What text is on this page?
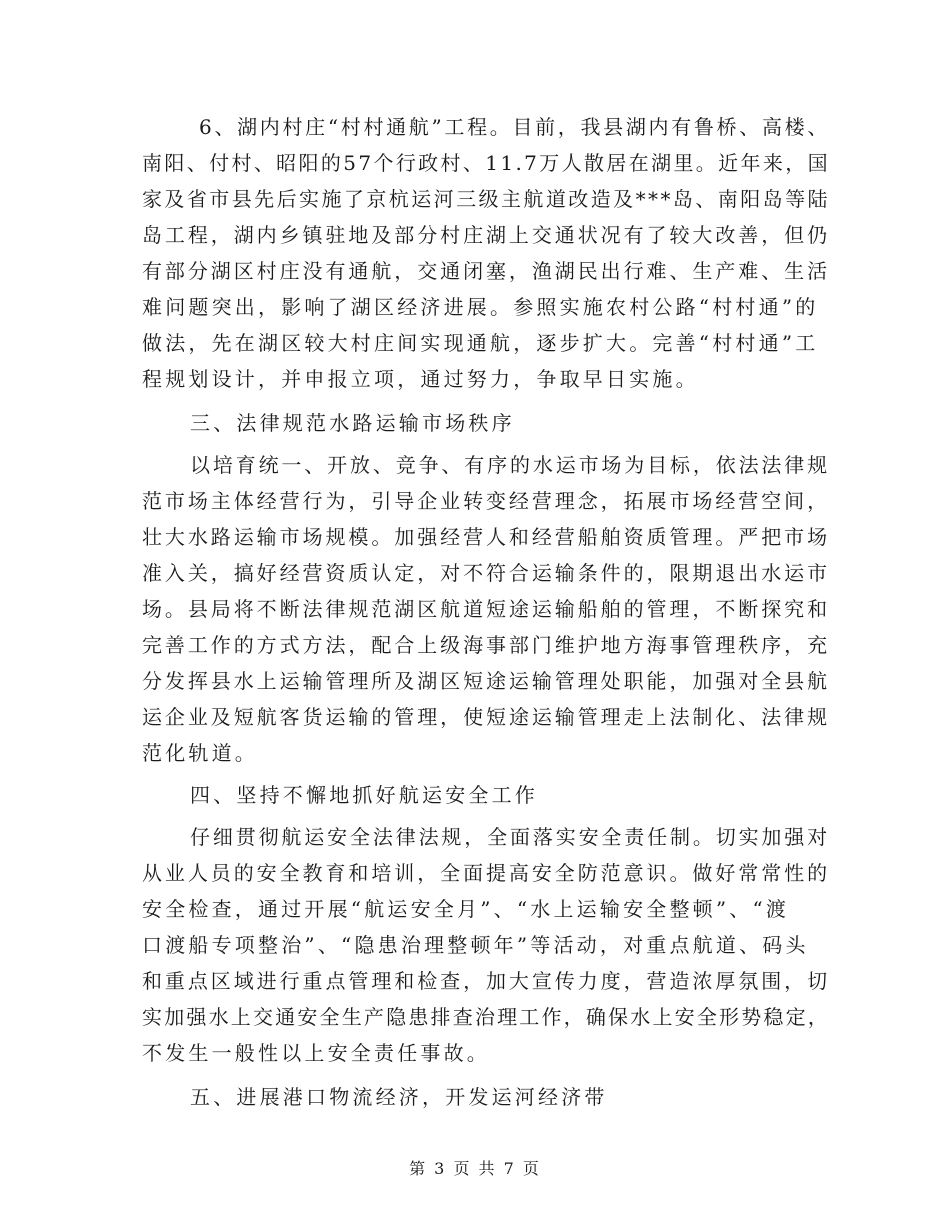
6、湖内村庄“村村通航”工程。目前，我县湖内有鲁桥、高楼、
南阳、付村、昭阳的57个行政村、11.7万人散居在湖里。近年来，国
家及省市县先后实施了京杭运河三级主航道改造及***岛、南阳岛等陆
岛工程，湖内乡镇驻地及部分村庄湖上交通状况有了较大改善，但仍
有部分湖区村庄没有通航，交通闭塞，渔湖民出行难、生产难、生活
难问题突出，影响了湖区经济进展。参照实施农村公路“村村通”的
做法，先在湖区较大村庄间实现通航，逐步扩大。完善“村村通”工
程规划设计，并申报立项，通过努力，争取早日实施。
三、法律规范水路运输市场秩序
以培育统一、开放、竞争、有序的水运市场为目标，依法法律规
范市场主体经营行为，引导企业转变经营理念，拓展市场经营空间，
壮大水路运输市场规模。加强经营人和经营船舶资质管理。严把市场
准入关，搞好经营资质认定，对不符合运输条件的，限期退出水运市
场。县局将不断法律规范湖区航道短途运输船舶的管理，不断探究和
完善工作的方式方法，配合上级海事部门维护地方海事管理秩序，充
分发挥县水上运输管理所及湖区短途运输管理处职能，加强对全县航
运企业及短航客货运输的管理，使短途运输管理走上法制化、法律规
范化轨道。
四、坚持不懈地抓好航运安全工作
仔细贯彻航运安全法律法规，全面落实安全责任制。切实加强对
从业人员的安全教育和培训，全面提高安全防范意识。做好常常性的
安全检查，通过开展“航运安全月”、“水上运输安全整顿”、“渡
口渡船专项整治”、“隐患治理整顿年”等活动，对重点航道、码头
和重点区域进行重点管理和检查，加大宣传力度，营造浓厚氛围，切
实加强水上交通安全生产隐患排查治理工作，确保水上安全形势稳定，
不发生一般性以上安全责任事故。
五、进展港口物流经济，开发运河经济带
第 3 页 共 7 页
